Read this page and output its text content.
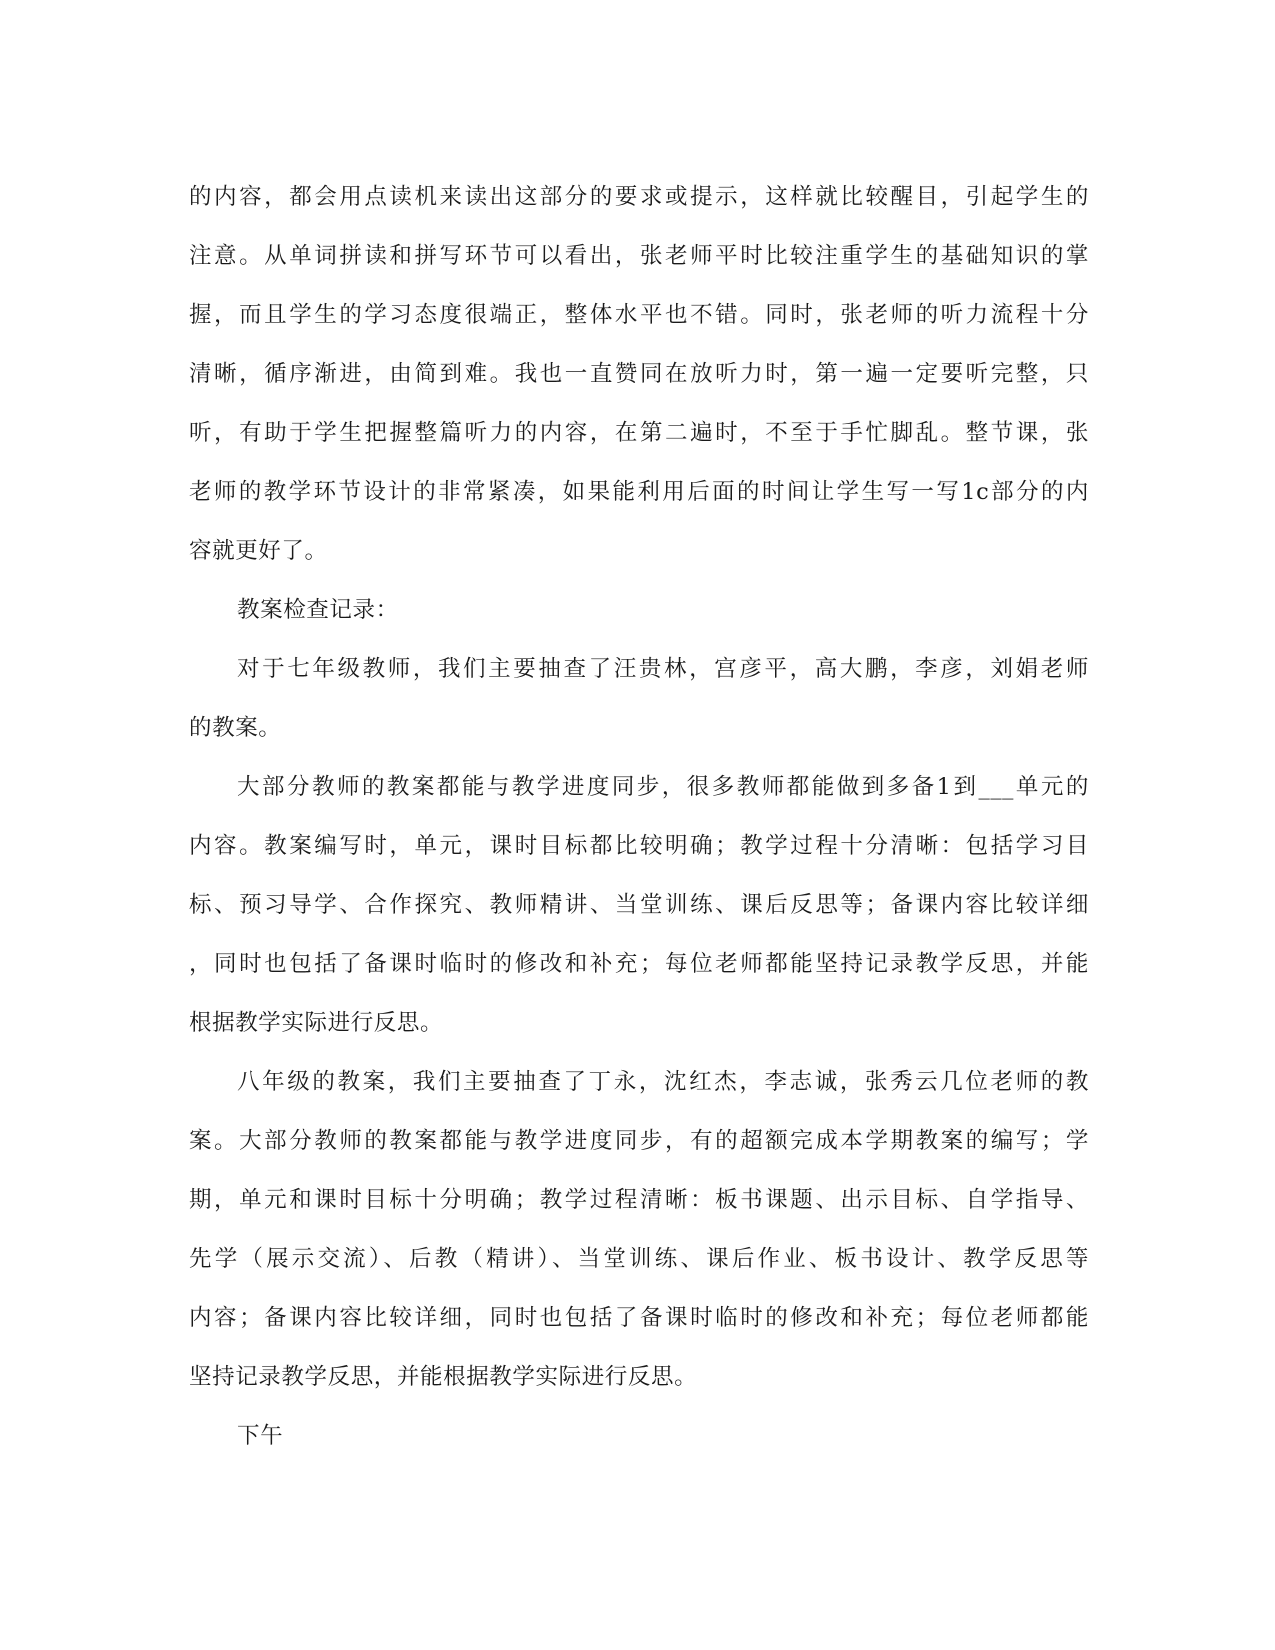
的内容，都会用点读机来读出这部分的要求或提示，这样就比较醒目，引起学生的
注意。从单词拼读和拼写环节可以看出，张老师平时比较注重学生的基础知识的掌
握，而且学生的学习态度很端正，整体水平也不错。同时，张老师的听力流程十分
清晰，循序渐进，由简到难。我也一直赞同在放听力时，第一遍一定要听完整，只
听，有助于学生把握整篇听力的内容，在第二遍时，不至于手忙脚乱。整节课，张
老师的教学环节设计的非常紧凑，如果能利用后面的时间让学生写一写1c部分的内
容就更好了。
教案检查记录：
对于七年级教师，我们主要抽查了汪贵林，宫彦平，高大鹏，李彦，刘娟老师
的教案。
大部分教师的教案都能与教学进度同步，很多教师都能做到多备1到___单元的
内容。教案编写时，单元，课时目标都比较明确；教学过程十分清晰：包括学习目
标、预习导学、合作探究、教师精讲、当堂训练、课后反思等；备课内容比较详细
，同时也包括了备课时临时的修改和补充；每位老师都能坚持记录教学反思，并能
根据教学实际进行反思。
八年级的教案，我们主要抽查了丁永，沈红杰，李志诚，张秀云几位老师的教
案。大部分教师的教案都能与教学进度同步，有的超额完成本学期教案的编写；学
期，单元和课时目标十分明确；教学过程清晰：板书课题、出示目标、自学指导、
先学（展示交流）、后教（精讲）、当堂训练、课后作业、板书设计、教学反思等
内容；备课内容比较详细，同时也包括了备课时临时的修改和补充；每位老师都能
坚持记录教学反思，并能根据教学实际进行反思。
下午
